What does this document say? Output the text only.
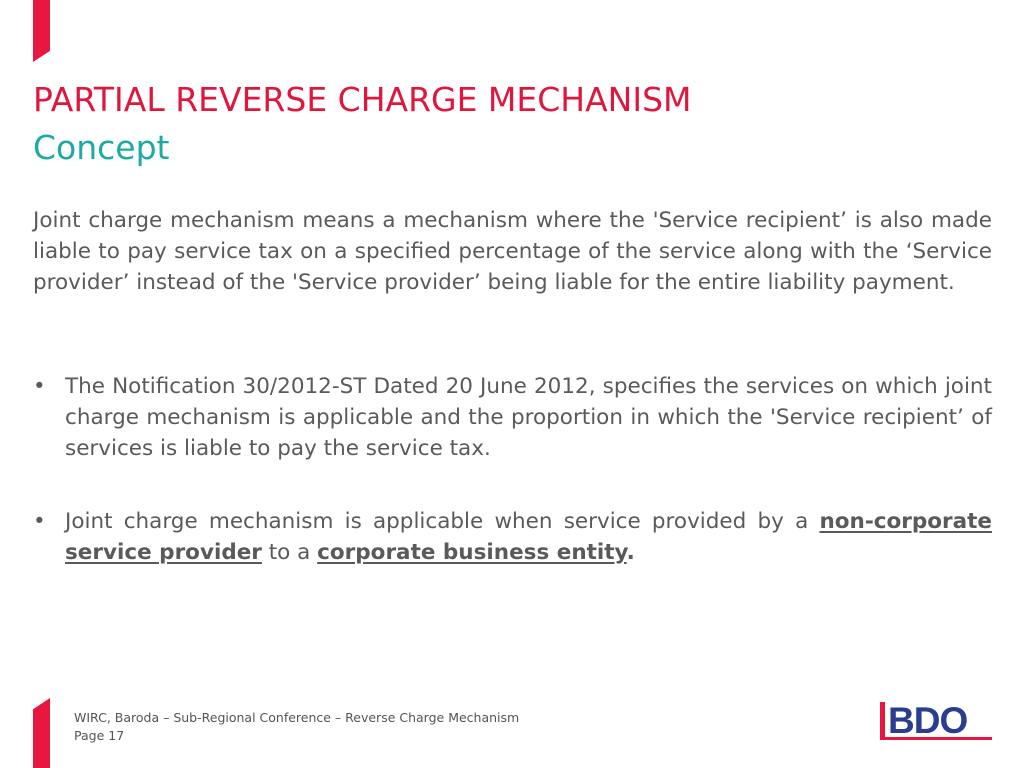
PARTIAL REVERSE CHARGE MECHANISM
Concept

Joint charge mechanism means a mechanism where the 'Service recipient’ is also made liable to pay service tax on a specified percentage of the service along with the ‘Service provider’ instead of the 'Service provider’ being liable for the entire liability payment.

• The Notification 30/2012-ST Dated 20 June 2012, specifies the services on which joint charge mechanism is applicable and the proportion in which the 'Service recipient’ of services is liable to pay the service tax.
• Joint charge mechanism is applicable when service provided by a non-corporate service provider to a corporate business entity.
WIRC, Baroda – Sub-Regional Conference – Reverse Charge Mechanism
Page 17	BDO
